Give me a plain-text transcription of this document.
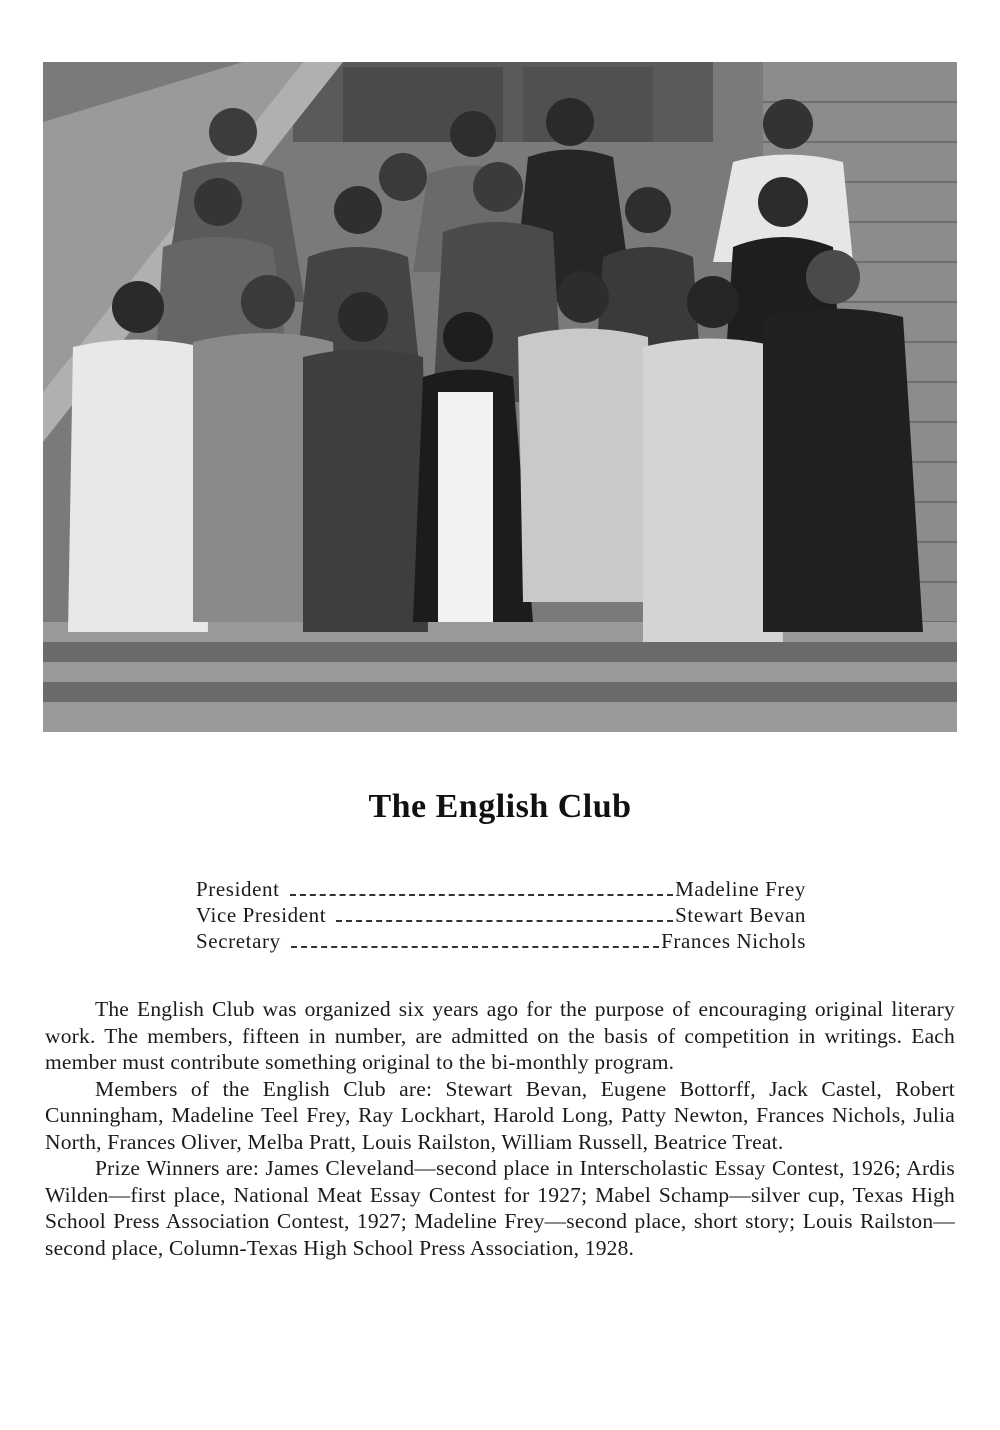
The English Club
President	Madeline Frey
Vice President	Stewart Bevan
Secretary	Frances Nichols

The English Club was organized six years ago for the purpose of encouraging original literary work. The members, fifteen in number, are admitted on the basis of competition in writings. Each member must contribute something original to the bi-monthly program.

Members of the English Club are: Stewart Bevan, Eugene Bottorff, Jack Castel, Robert Cunningham, Madeline Teel Frey, Ray Lockhart, Harold Long, Patty Newton, Frances Nichols, Julia North, Frances Oliver, Melba Pratt, Louis Railston, William Russell, Beatrice Treat.

Prize Winners are: James Cleveland—second place in Interscholastic Essay Contest, 1926; Ardis Wilden—first place, National Meat Essay Contest for 1927; Mabel Schamp—silver cup, Texas High School Press Association Contest, 1927; Madeline Frey—second place, short story; Louis Railston—second place, Column-Texas High School Press Association, 1928.
